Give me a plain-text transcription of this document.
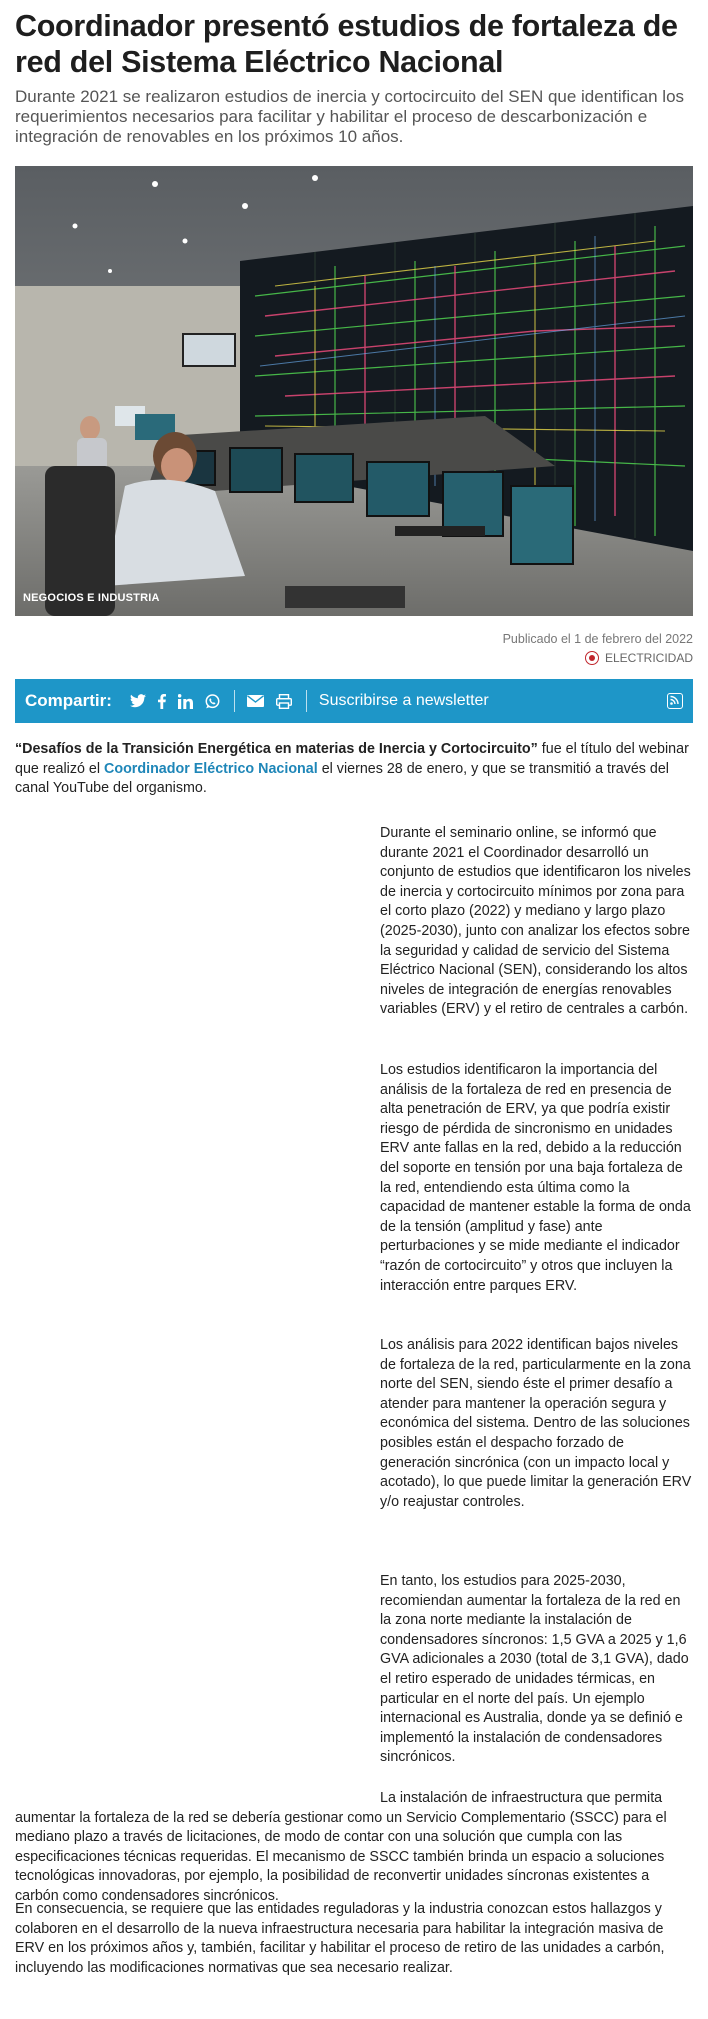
Coordinador presentó estudios de fortaleza de red del Sistema Eléctrico Nacional
Durante 2021 se realizaron estudios de inercia y cortocircuito del SEN que identifican los requerimientos necesarios para facilitar y habilitar el proceso de descarbonización e integración de renovables en los próximos 10 años.
NEGOCIOS E INDUSTRIA
Publicado el 1 de febrero del 2022
ELECTRICIDAD
Compartir:	Suscribirse a newsletter
“Desafíos de la Transición Energética en materias de Inercia y Cortocircuito” fue el título del webinar que realizó el Coordinador Eléctrico Nacional el viernes 28 de enero, y que se transmitió a través del canal YouTube del organismo.
Durante el seminario online, se informó que durante 2021 el Coordinador desarrolló un conjunto de estudios que identificaron los niveles de inercia y cortocircuito mínimos por zona para el corto plazo (2022) y mediano y largo plazo (2025-2030), junto con analizar los efectos sobre la seguridad y calidad de servicio del Sistema Eléctrico Nacional (SEN), considerando los altos niveles de integración de energías renovables variables (ERV) y el retiro de centrales a carbón.
Los estudios identificaron la importancia del análisis de la fortaleza de red en presencia de alta penetración de ERV, ya que podría existir riesgo de pérdida de sincronismo en unidades ERV ante fallas en la red, debido a la reducción del soporte en tensión por una baja fortaleza de la red, entendiendo esta última como la capacidad de mantener estable la forma de onda de la tensión (amplitud y fase) ante perturbaciones y se mide mediante el indicador “razón de cortocircuito” y otros que incluyen la interacción entre parques ERV.
Los análisis para 2022 identifican bajos niveles de fortaleza de la red, particularmente en la zona norte del SEN, siendo éste el primer desafío a atender para mantener la operación segura y económica del sistema. Dentro de las soluciones posibles están el despacho forzado de generación sincrónica (con un impacto local y acotado), lo que puede limitar la generación ERV y/o reajustar controles.
En tanto, los estudios para 2025-2030, recomiendan aumentar la fortaleza de la red en la zona norte mediante la instalación de condensadores síncronos: 1,5 GVA a 2025 y 1,6 GVA adicionales a 2030 (total de 3,1 GVA), dado el retiro esperado de unidades térmicas, en particular en el norte del país. Un ejemplo internacional es Australia, donde ya se definió e implementó la instalación de condensadores sincrónicos.
La instalación de infraestructura que permita
aumentar la fortaleza de la red se debería gestionar como un Servicio Complementario (SSCC) para el mediano plazo a través de licitaciones, de modo de contar con una solución que cumpla con las especificaciones técnicas requeridas. El mecanismo de SSCC también brinda un espacio a soluciones tecnológicas innovadoras, por ejemplo, la posibilidad de reconvertir unidades síncronas existentes a carbón como condensadores sincrónicos.
En consecuencia, se requiere que las entidades reguladoras y la industria conozcan estos hallazgos y colaboren en el desarrollo de la nueva infraestructura necesaria para habilitar la integración masiva de ERV en los próximos años y, también, facilitar y habilitar el proceso de retiro de las unidades a carbón, incluyendo las modificaciones normativas que sea necesario realizar.
